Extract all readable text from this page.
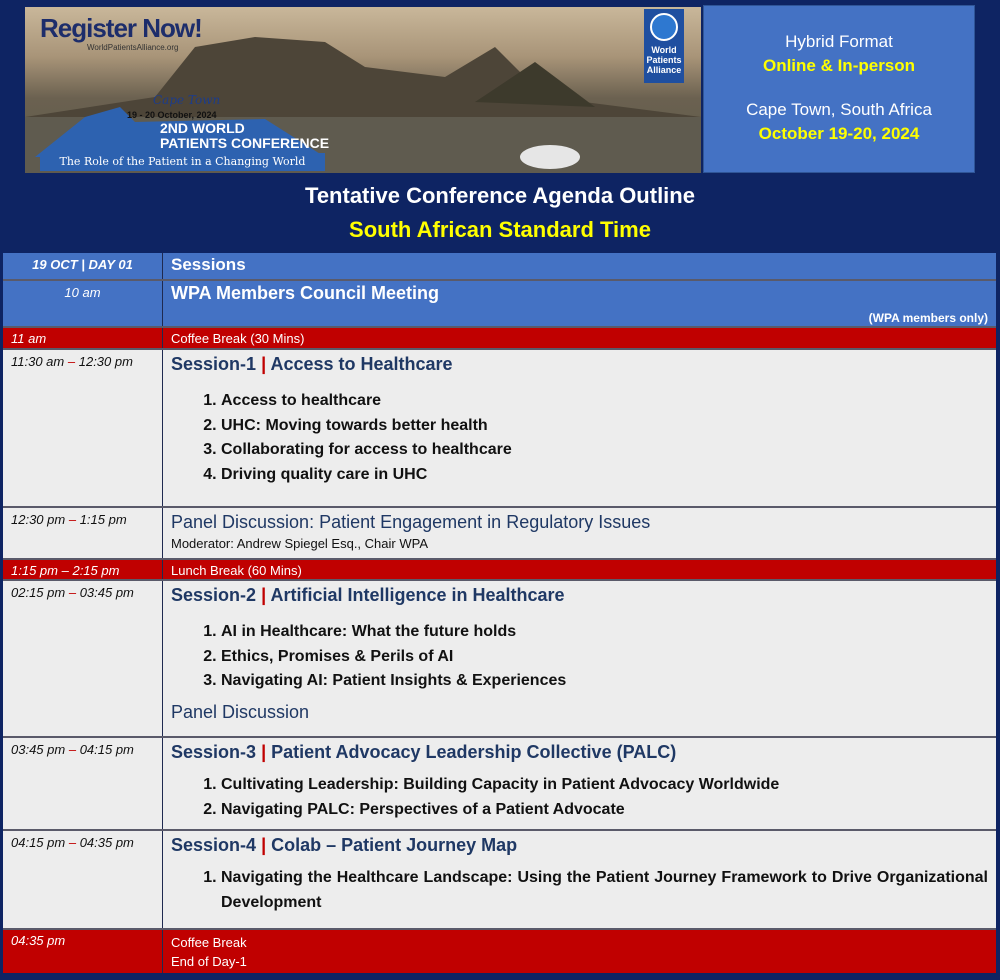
Register Now!
WorldPatientsAlliance.org
Cape Town
19 - 20 October, 2024
2ND WORLD
PATIENTS CONFERENCE
The Role of the Patient in a Changing World
World Patients Alliance
Hybrid Format
Online & In-person
Cape Town, South Africa
October 19-20, 2024
Tentative Conference Agenda Outline
South African Standard Time
19 OCT | DAY 01	Sessions
10 am	WPA Members Council Meeting
(WPA members only)
11 am	Coffee Break (30 Mins)
11:30 am – 12:30 pm	Session-1 | Access to Healthcare
1. Access to healthcare
2. UHC: Moving towards better health
3. Collaborating for access to healthcare
4. Driving quality care in UHC
12:30 pm – 1:15 pm	Panel Discussion: Patient Engagement in Regulatory Issues
Moderator: Andrew Spiegel Esq., Chair WPA
1:15 pm – 2:15 pm	Lunch Break (60 Mins)
02:15 pm – 03:45 pm	Session-2 | Artificial Intelligence in Healthcare
1. AI in Healthcare: What the future holds
2. Ethics, Promises & Perils of AI
3. Navigating AI: Patient Insights & Experiences
Panel Discussion
03:45 pm – 04:15 pm	Session-3 | Patient Advocacy Leadership Collective (PALC)
1. Cultivating Leadership: Building Capacity in Patient Advocacy Worldwide
2. Navigating PALC: Perspectives of a Patient Advocate
04:15 pm – 04:35 pm	Session-4 | Colab – Patient Journey Map
1. Navigating the Healthcare Landscape: Using the Patient Journey Framework to Drive Organizational Development
04:35 pm	Coffee Break
End of Day-1
